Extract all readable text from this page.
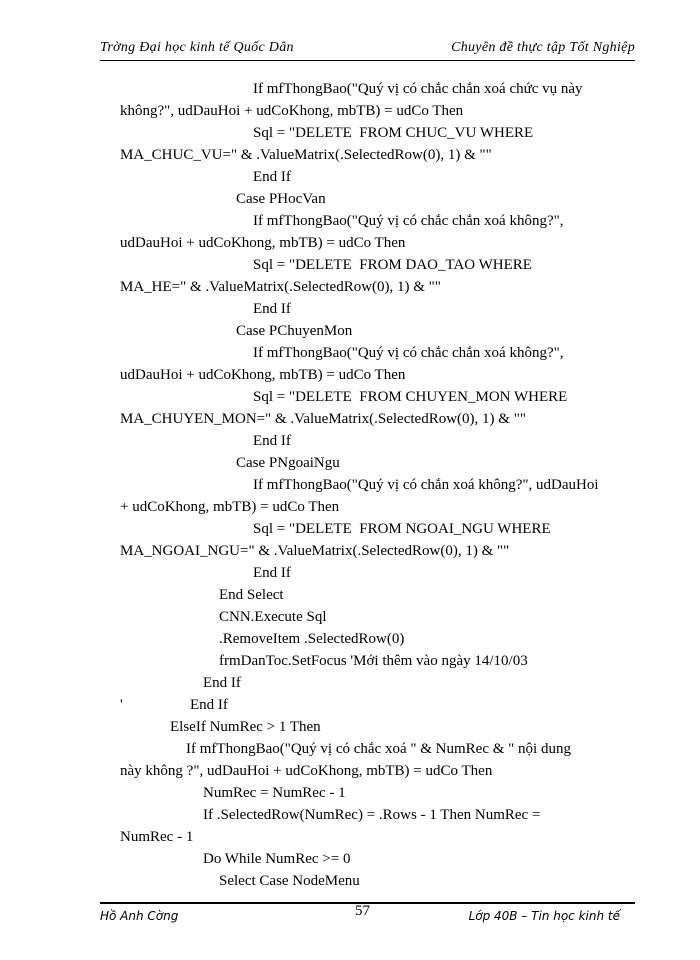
Trờng Đại học kinh tế Quốc Dân	Chuyên đề thực tập Tốt Nghiệp
If mfThongBao("Quý vị có chắc chắn xoá chức vụ này
không?", udDauHoi + udCoKhong, mbTB) = udCo Then
Sql = "DELETE  FROM CHUC_VU WHERE
MA_CHUC_VU=" & .ValueMatrix(.SelectedRow(0), 1) & ""
End If
Case PHocVan
If mfThongBao("Quý vị có chắc chắn xoá không?",
udDauHoi + udCoKhong, mbTB) = udCo Then
Sql = "DELETE  FROM DAO_TAO WHERE
MA_HE=" & .ValueMatrix(.SelectedRow(0), 1) & ""
End If
Case PChuyenMon
If mfThongBao("Quý vị có chắc chắn xoá không?",
udDauHoi + udCoKhong, mbTB) = udCo Then
Sql = "DELETE  FROM CHUYEN_MON WHERE
MA_CHUYEN_MON=" & .ValueMatrix(.SelectedRow(0), 1) & ""
End If
Case PNgoaiNgu
If mfThongBao("Quý vị có chắn xoá không?", udDauHoi
+ udCoKhong, mbTB) = udCo Then
Sql = "DELETE  FROM NGOAI_NGU WHERE
MA_NGOAI_NGU=" & .ValueMatrix(.SelectedRow(0), 1) & ""
End If
End Select
CNN.Execute Sql
.RemoveItem .SelectedRow(0)
frmDanToc.SetFocus 'Mới thêm vào ngày 14/10/03
End If
'	End If
ElseIf NumRec > 1 Then
If mfThongBao("Quý vị có chắc xoá " & NumRec & " nội dung
này không ?", udDauHoi + udCoKhong, mbTB) = udCo Then
NumRec = NumRec - 1
If .SelectedRow(NumRec) = .Rows - 1 Then NumRec =
NumRec - 1
Do While NumRec >= 0
Select Case NodeMenu
Hồ Anh Cờng	57	Lớp 40B – Tin học kinh tế
